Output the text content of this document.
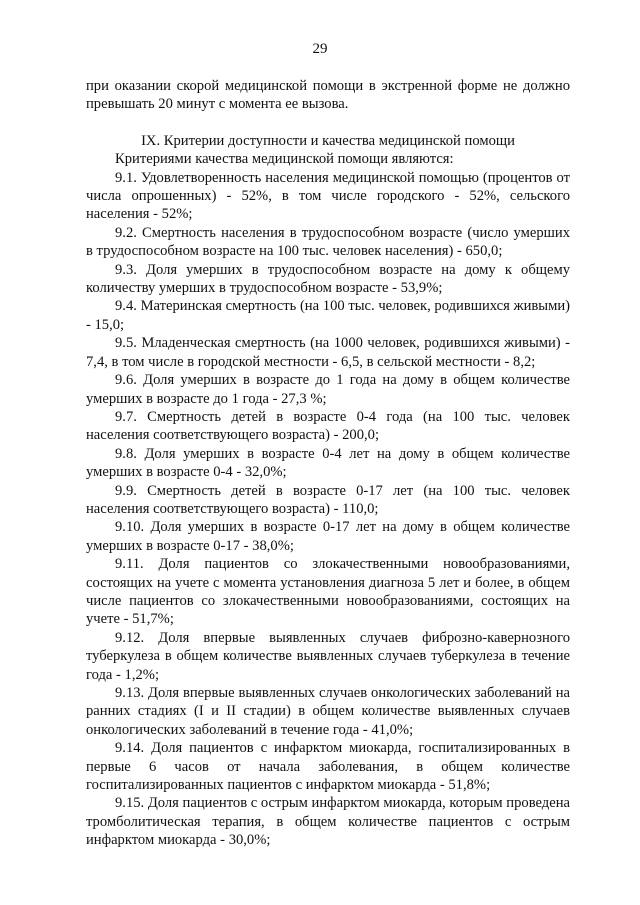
29

при оказании скорой медицинской помощи в экстренной форме не должно превышать 20 минут с момента ее вызова.

IX. Критерии доступности и качества медицинской помощи

Критериями качества медицинской помощи являются:

9.1. Удовлетворенность населения медицинской помощью (процентов от числа опрошенных) - 52%, в том числе городского - 52%, сельского населения - 52%;

9.2. Смертность населения в трудоспособном возрасте (число умерших в трудоспособном возрасте на 100 тыс. человек населения) - 650,0;

9.3. Доля умерших в трудоспособном возрасте на дому к общему количеству умерших в трудоспособном возрасте - 53,9%;

9.4. Материнская смертность (на 100 тыс. человек, родившихся живыми) - 15,0;

9.5. Младенческая смертность (на 1000 человек, родившихся живыми) - 7,4, в том числе в городской местности - 6,5, в сельской местности - 8,2;

9.6. Доля умерших в возрасте до 1 года на дому в общем количестве умерших в возрасте до 1 года - 27,3 %;

9.7. Смертность детей в возрасте 0-4 года (на 100 тыс. человек населения соответствующего возраста) - 200,0;

9.8. Доля умерших в возрасте 0-4 лет на дому в общем количестве умерших в возрасте 0-4 - 32,0%;

9.9. Смертность детей в возрасте 0-17 лет (на 100 тыс. человек населения соответствующего возраста) - 110,0;

9.10. Доля умерших в возрасте 0-17 лет на дому в общем количестве умерших в возрасте 0-17 - 38,0%;

9.11. Доля пациентов со злокачественными новообразованиями, состоящих на учете с момента установления диагноза 5 лет и более, в общем числе пациентов со злокачественными новообразованиями, состоящих на учете - 51,7%;

9.12. Доля впервые выявленных случаев фиброзно-кавернозного туберкулеза в общем количестве выявленных случаев туберкулеза в течение года - 1,2%;

9.13. Доля впервые выявленных случаев онкологических заболеваний на ранних стадиях (I и II стадии) в общем количестве выявленных случаев онкологических заболеваний в течение года - 41,0%;

9.14. Доля пациентов с инфарктом миокарда, госпитализированных в первые 6 часов от начала заболевания, в общем количестве госпитализированных пациентов с инфарктом миокарда - 51,8%;

9.15. Доля пациентов с острым инфарктом миокарда, которым проведена тромболитическая терапия, в общем количестве пациентов с острым инфарктом миокарда - 30,0%;
